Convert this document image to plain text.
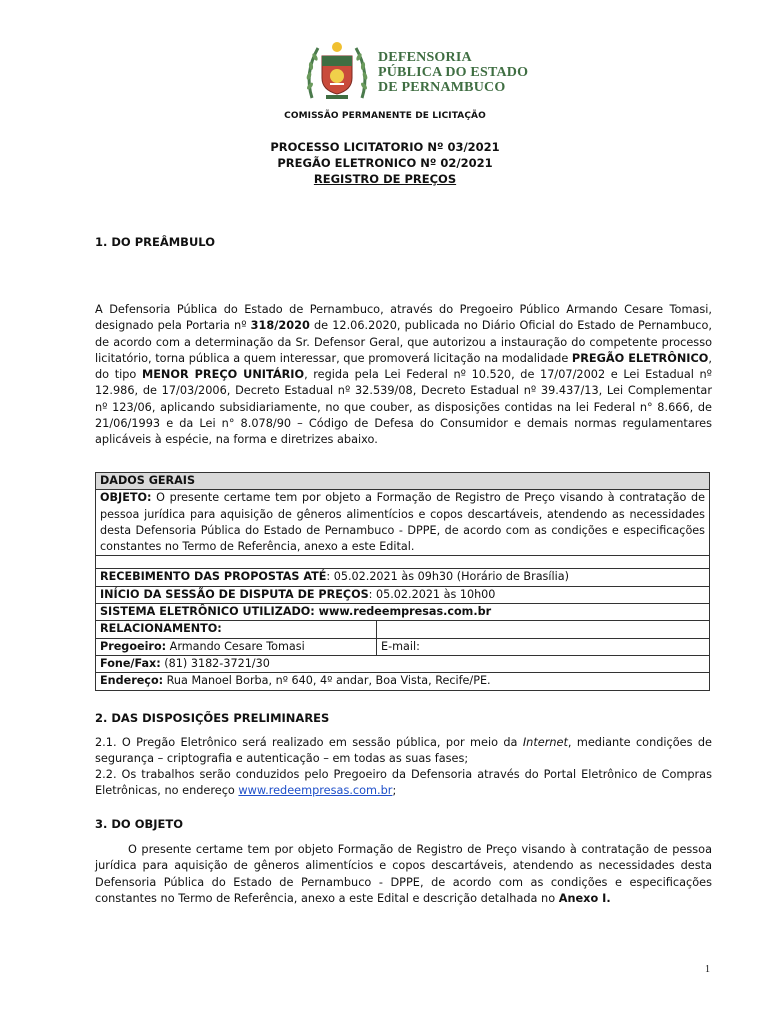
DEFENSORIA
PÚBLICA DO ESTADO
DE PERNAMBUCO
COMISSÃO PERMANENTE DE LICITAÇÃO
PROCESSO LICITATORIO Nº 03/2021
PREGÃO ELETRONICO Nº 02/2021
REGISTRO DE PREÇOS
1. DO PREÂMBULO
A Defensoria Pública do Estado de Pernambuco, através do Pregoeiro Público Armando Cesare Tomasi, designado pela Portaria nº 318/2020 de 12.06.2020, publicada no Diário Oficial do Estado de Pernambuco, de acordo com a determinação da Sr. Defensor Geral, que autorizou a instauração do competente processo licitatório, torna pública a quem interessar, que promoverá licitação na modalidade PREGÃO ELETRÔNICO, do tipo MENOR PREÇO UNITÁRIO, regida pela Lei Federal nº 10.520, de 17/07/2002 e Lei Estadual nº 12.986, de 17/03/2006, Decreto Estadual nº 32.539/08, Decreto Estadual nº 39.437/13, Lei Complementar nº 123/06, aplicando subsidiariamente, no que couber, as disposições contidas na lei Federal n° 8.666, de 21/06/1993 e da Lei n° 8.078/90 – Código de Defesa do Consumidor e demais normas regulamentares aplicáveis à espécie, na forma e diretrizes abaixo.
DADOS GERAIS	
OBJETO: O presente certame tem por objeto a Formação de Registro de Preço visando à contratação de pessoa jurídica para aquisição de gêneros alimentícios e copos descartáveis, atendendo as necessidades desta Defensoria Pública do Estado de Pernambuco - DPPE, de acordo com as condições e especificações constantes no Termo de Referência, anexo a este Edital.	

RECEBIMENTO DAS PROPOSTAS ATÉ: 05.02.2021 às 09h30 (Horário de Brasília)	
INÍCIO DA SESSÃO DE DISPUTA DE PREÇOS: 05.02.2021 às 10h00	
SISTEMA ELETRÔNICO UTILIZADO: www.redeempresas.com.br	
RELACIONAMENTO:	
Pregoeiro: Armando Cesare Tomasi	E-mail:
Fone/Fax: (81) 3182-3721/30	
Endereço: Rua Manoel Borba, nº 640, 4º andar, Boa Vista, Recife/PE.	
2. DAS DISPOSIÇÕES PRELIMINARES
2.1. O Pregão Eletrônico será realizado em sessão pública, por meio da Internet, mediante condições de segurança – criptografia e autenticação – em todas as suas fases;
2.2. Os trabalhos serão conduzidos pelo Pregoeiro da Defensoria através do Portal Eletrônico de Compras Eletrônicas, no endereço www.redeempresas.com.br;
3. DO OBJETO
O presente certame tem por objeto Formação de Registro de Preço visando à contratação de pessoa jurídica para aquisição de gêneros alimentícios e copos descartáveis, atendendo as necessidades desta Defensoria Pública do Estado de Pernambuco - DPPE, de acordo com as condições e especificações constantes no Termo de Referência, anexo a este Edital e descrição detalhada no Anexo I.
1
